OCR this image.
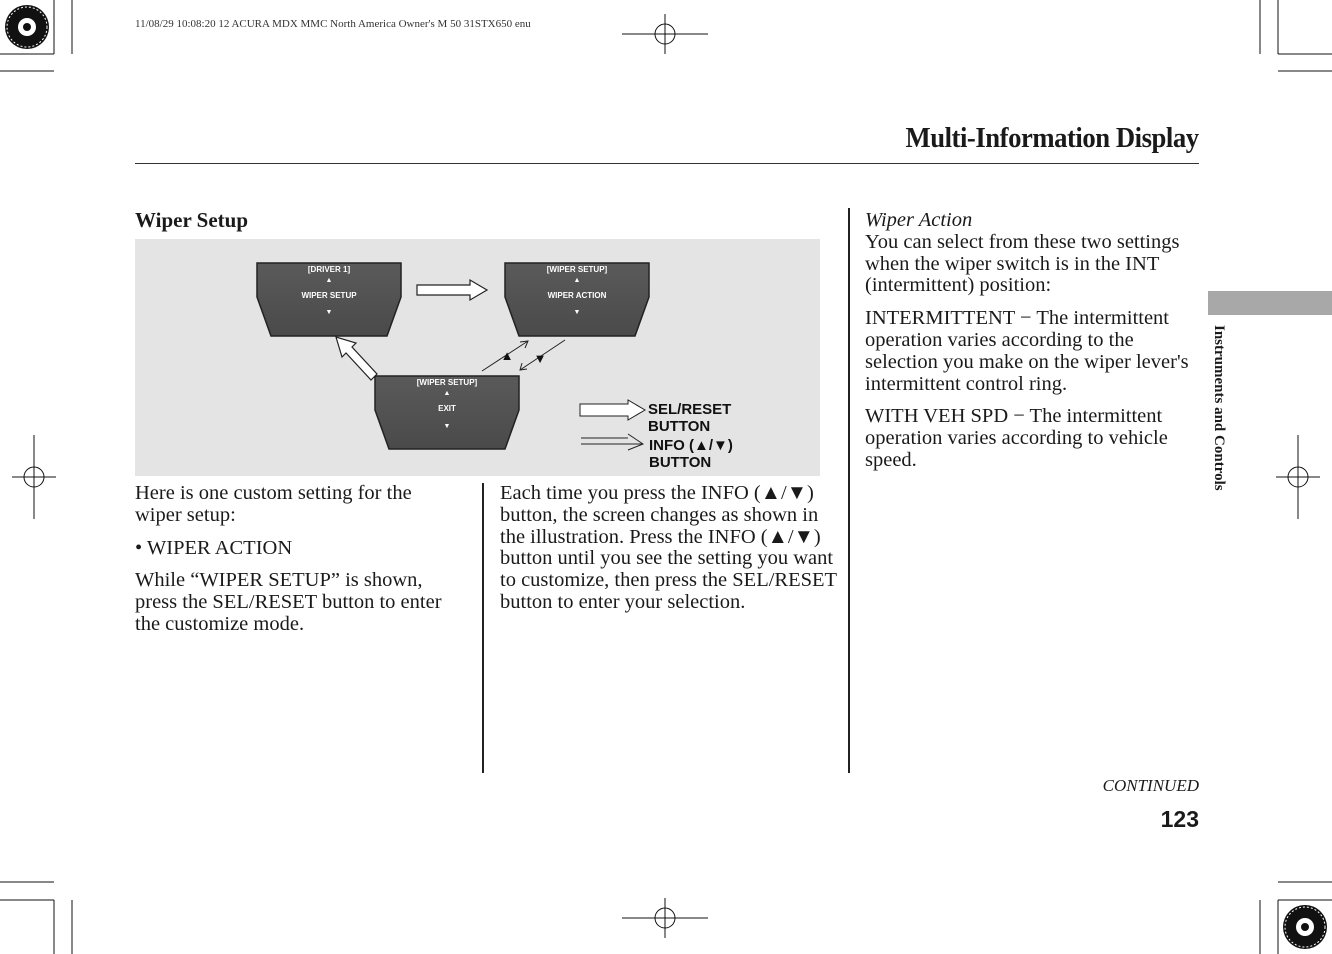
11/08/29 10:08:20 12 ACURA MDX MMC North America Owner's M 50 31STX650 enu
Multi-Information Display
Wiper Setup
[DRIVER 1]
▲
WIPER SETUP
▼
[WIPER SETUP]
▲
WIPER ACTION
▼
[WIPER SETUP]
▲
EXIT
▼
▲ ▼
SEL/RESET
BUTTON
INFO (▲/▼)
BUTTON

Here is one custom setting for the wiper setup:

• WIPER ACTION

While “WIPER SETUP” is shown, press the SEL/RESET button to enter the customize mode.

Each time you press the INFO (▲/▼) button, the screen changes as shown in the illustration. Press the INFO (▲/▼) button until you see the setting you want to customize, then press the SEL/RESET button to enter your selection.

Wiper Action

You can select from these two settings when the wiper switch is in the INT (intermittent) position:

INTERMITTENT − The intermittent operation varies according to the selection you make on the wiper lever's intermittent control ring.

WITH VEH SPD − The intermittent operation varies according to vehicle speed.	Instruments and Controls
CONTINUED
123
